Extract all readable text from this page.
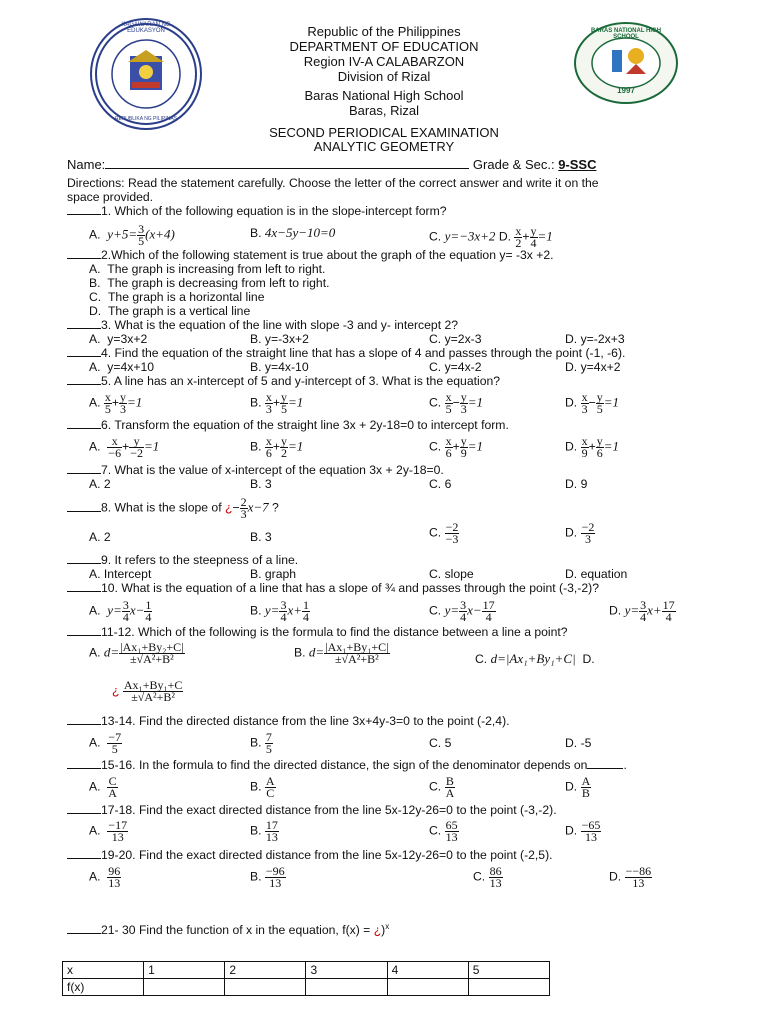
KAGAWARAN NG EDUKASYON
REPUBLIKA NG PILIPINAS
BARAS NATIONAL HIGH SCHOOL
1997
Republic of the Philippines
DEPARTMENT OF EDUCATION
Region IV-A CALABARZON
Division of Rizal
Baras National High School
Baras, Rizal
SECOND PERIODICAL EXAMINATION
ANALYTIC GEOMETRY
Name:	Grade & Sec.: 9-SSC
Directions: Read the statement carefully. Choose the letter of the correct answer and write it on the
space provided.
1. Which of the following equation is in the slope-intercept form?
A.  $y+5= \frac{3}{5} (x+4)$	B. 4x−5y−10=0	C. y=−3x+2 D. $\frac{x}{2} + \frac{y}{4} =1$
2.Which of the following statement is true about the graph of the equation y= -3x +2.
A.  The graph is increasing from left to right.
B.  The graph is decreasing from left to right.
C.  The graph is a horizontal line
D.  The graph is a vertical line
3. What is the equation of the line with slope -3 and y- intercept 2?
A.  y=3x+2	B. y=-3x+2	C. y=2x-3	D. y=-2x+3
4. Find the equation of the straight line that has a slope of 4 and passes through the point (-1, -6).
A.  y=4x+10	B. y=4x-10	C. y=4x-2	D. y=4x+2
5. A line has an x-intercept of 5 and y-intercept of 3. What is the equation?
A. $\frac{x}{5} + \frac{y}{3} =1$	B. $\frac{x}{3} + \frac{y}{5} =1$	C. $\frac{x}{5} - \frac{y}{3} =1$	D. $\frac{x}{3} - \frac{y}{5} =1$
6. Transform the equation of the straight line 3x + 2y-18=0 to intercept form.
A. $\frac{x}{-6} + \frac{y}{-2} =1$	B. $\frac{x}{6} + \frac{y}{2} =1$	C. $\frac{x}{6} + \frac{y}{9} =1$	D. $\frac{x}{9} + \frac{y}{6} =1$
7. What is the value of x-intercept of the equation 3x + 2y-18=0.
A. 2	B. 3	C. 6	D. 9
8. What is the slope of ¿− $\frac{2}{3} x-7$ ?
A. 2	B. 3	C. $\frac{-2}{-3}$	D. $\frac{-2}{3}$
9. It refers to the steepness of a line.
A. Intercept	B. graph	C. slope	D. equation
10. What is the equation of a line that has a slope of ¾ and passes through the point (-3,-2)?
A.  $y= \frac{3}{4} x- \frac{1}{4}$	B. $y= \frac{3}{4} x+ \frac{1}{4}$	C. $y= \frac{3}{4} x- \frac{17}{4}$	D. $y= \frac{3}{4} x+ \frac{17}{4}$
11-12. Which of the following is the formula to find the distance between a line a point?
A. $d= \frac{\text{|Ax₁+By₂+C|}}{\text{±√A²+B²}}$	B. $d= \frac{\text{|Ax₁+By₁+C|}}{\text{±√A²+B²}}$	C. d=|Ax₁+By₁+C|  D.
¿ $\frac{\text{Ax₁+By₁+C}}{\text{±√A²+B²}}$
13-14. Find the directed distance from the line 3x+4y-3=0 to the point (-2,4).
A. $\frac{-7}{5}$	B. $\frac{7}{5}$	C. 5	D. -5
15-16. In the formula to find the directed distance, the sign of the denominator depends on	.
A. $\frac{C}{A}$	B. $\frac{A}{C}$	C. $\frac{B}{A}$	D. $\frac{A}{B}$
17-18. Find the exact directed distance from the line 5x-12y-26=0 to the point (-3,-2).
A. $\frac{-17}{13}$	B. $\frac{17}{13}$	C. $\frac{65}{13}$	D. $\frac{-65}{13}$
19-20. Find the exact directed distance from the line 5x-12y-26=0 to the point (-2,5).
A. $\frac{96}{13}$	B. $\frac{-96}{13}$	C. $\frac{86}{13}$	D. $\frac{--86}{13}$
21- 30 Find the function of x in the equation, f(x) = ¿)$^x$
x	1	2	3	4	5
f(x)					
